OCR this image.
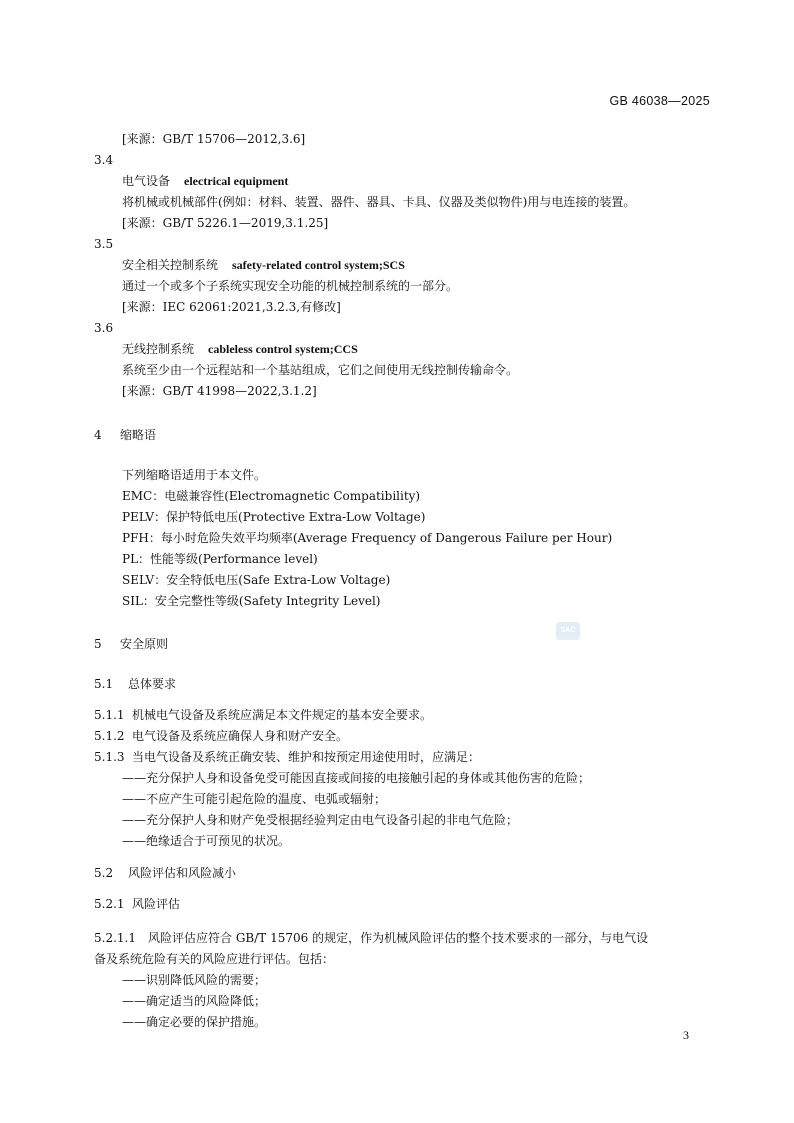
GB 46038—2025
[来源：GB/T 15706—2012,3.6]
3.4
电气设备 electrical equipment
将机械或机械部件(例如：材料、装置、器件、器具、卡具、仪器及类似物件)用与电连接的装置。
[来源：GB/T 5226.1—2019,3.1.25]
3.5
安全相关控制系统 safety-related control system;SCS
通过一个或多个子系统实现安全功能的机械控制系统的一部分。
[来源：IEC 62061:2021,3.2.3,有修改]
3.6
无线控制系统 cableless control system;CCS
系统至少由一个远程站和一个基站组成，它们之间使用无线控制传输命令。
[来源：GB/T 41998—2022,3.1.2]
4 缩略语
下列缩略语适用于本文件。
EMC：电磁兼容性(Electromagnetic Compatibility)
PELV：保护特低电压(Protective Extra-Low Voltage)
PFH：每小时危险失效平均频率(Average Frequency of Dangerous Failure per Hour)
PL：性能等级(Performance level)
SELV：安全特低电压(Safe Extra-Low Voltage)
SIL：安全完整性等级(Safety Integrity Level)
5 安全原则
SAC
5.1 总体要求
5.1.1 机械电气设备及系统应满足本文件规定的基本安全要求。
5.1.2 电气设备及系统应确保人身和财产安全。
5.1.3 当电气设备及系统正确安装、维护和按预定用途使用时，应满足：
——充分保护人身和设备免受可能因直接或间接的电接触引起的身体或其他伤害的危险；
——不应产生可能引起危险的温度、电弧或辐射；
——充分保护人身和财产免受根据经验判定由电气设备引起的非电气危险；
——绝缘适合于可预见的状况。
5.2 风险评估和风险减小
5.2.1 风险评估
5.2.1.1 风险评估应符合 GB/T 15706 的规定，作为机械风险评估的整个技术要求的一部分，与电气设
备及系统危险有关的风险应进行评估。包括：
——识别降低风险的需要；
——确定适当的风险降低；
——确定必要的保护措施。
3
